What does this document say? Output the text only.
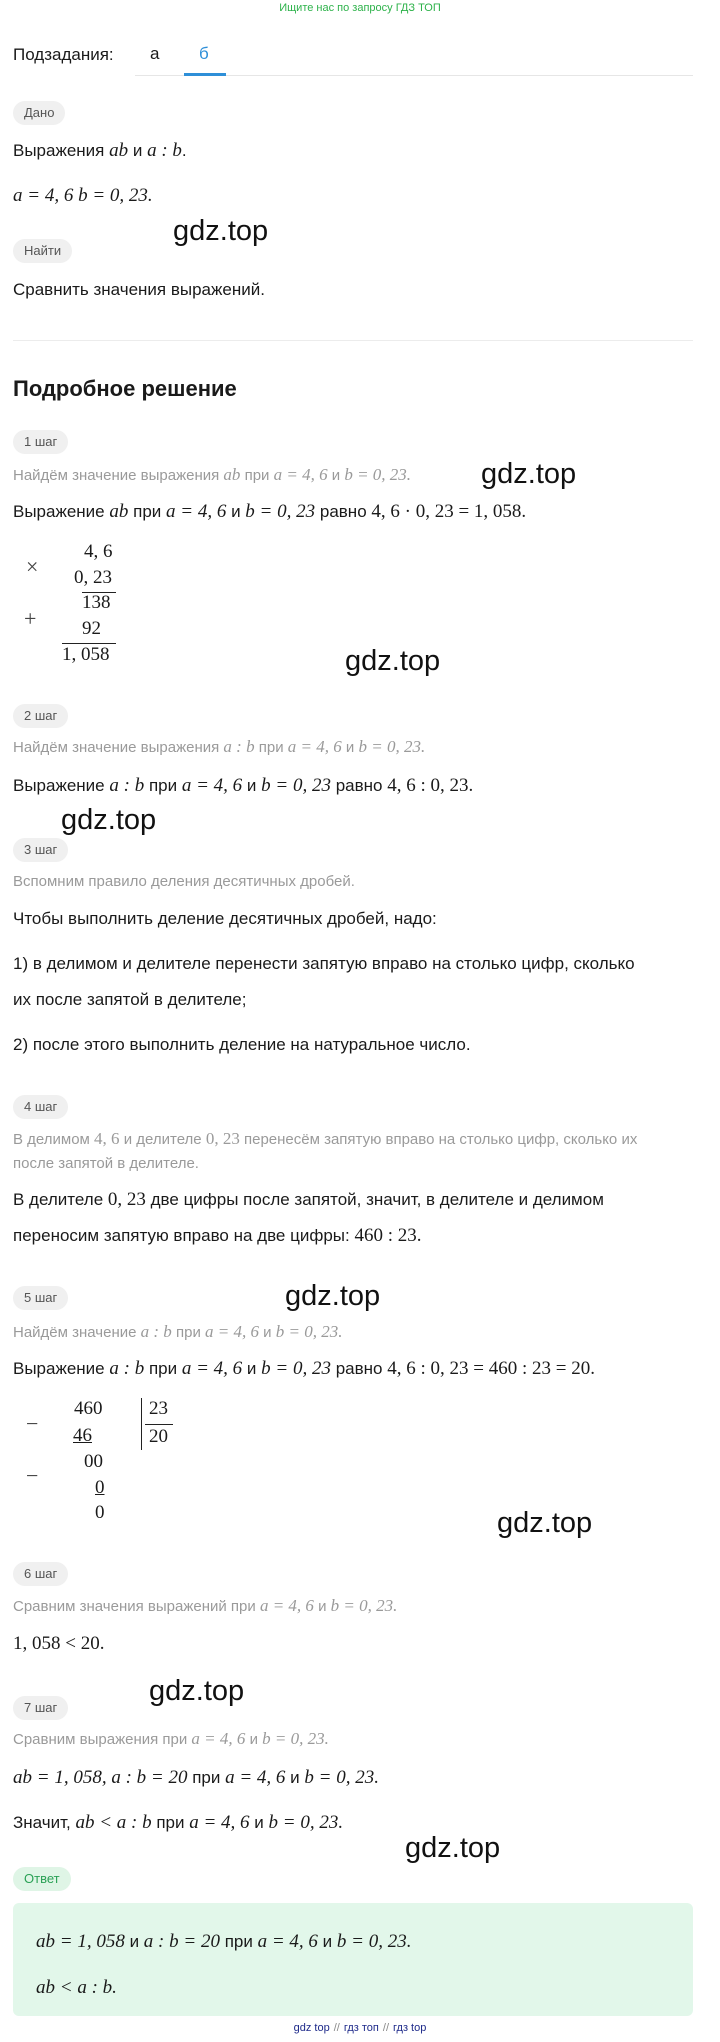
Ищите нас по запросу ГДЗ ТОП
Подзадания: а б
Дано
Выражения ab и a : b.
a = 4, 6 b = 0, 23.
gdz.top
Найти
Сравнить значения выражений.
Подробное решение
1 шаг
Найдём значение выражения ab при a = 4, 6 и b = 0, 23. gdz.top
Выражение ab при a = 4, 6 и b = 0, 23 равно 4, 6 · 0, 23 = 1, 058.
×
+
4, 6
0, 23
138
92
1, 058	gdz.top
2 шаг
Найдём значение выражения a : b при a = 4, 6 и b = 0, 23.
Выражение a : b при a = 4, 6 и b = 0, 23 равно 4, 6 : 0, 23.
gdz.top
3 шаг
Вспомним правило деления десятичных дробей.
Чтобы выполнить деление десятичных дробей, надо:
1) в делимом и делителе перенести запятую вправо на столько цифр, сколько
их после запятой в делителе;
2) после этого выполнить деление на натуральное число.
4 шаг
В делимом 4, 6 и делителе 0, 23 перенесём запятую вправо на столько цифр, сколько их
после запятой в делителе.
В делителе 0, 23 две цифры после запятой, значит, в делителе и делимом
переносим запятую вправо на две цифры: 460 : 23.
5 шаг	gdz.top
Найдём значение a : b при a = 4, 6 и b = 0, 23.
Выражение a : b при a = 4, 6 и b = 0, 23 равно 4, 6 : 0, 23 = 460 : 23 = 20.
−
−
460
46
00
0
0
23
20
gdz.top
6 шаг
Сравним значения выражений при a = 4, 6 и b = 0, 23.
1, 058 < 20.
gdz.top
7 шаг
Сравним выражения при a = 4, 6 и b = 0, 23.
ab = 1, 058, a : b = 20 при a = 4, 6 и b = 0, 23.
Значит, ab < a : b при a = 4, 6 и b = 0, 23.
gdz.top
Ответ
ab = 1, 058 и a : b = 20 при a = 4, 6 и b = 0, 23.
ab < a : b.
gdz top // гдз топ // гдз top
